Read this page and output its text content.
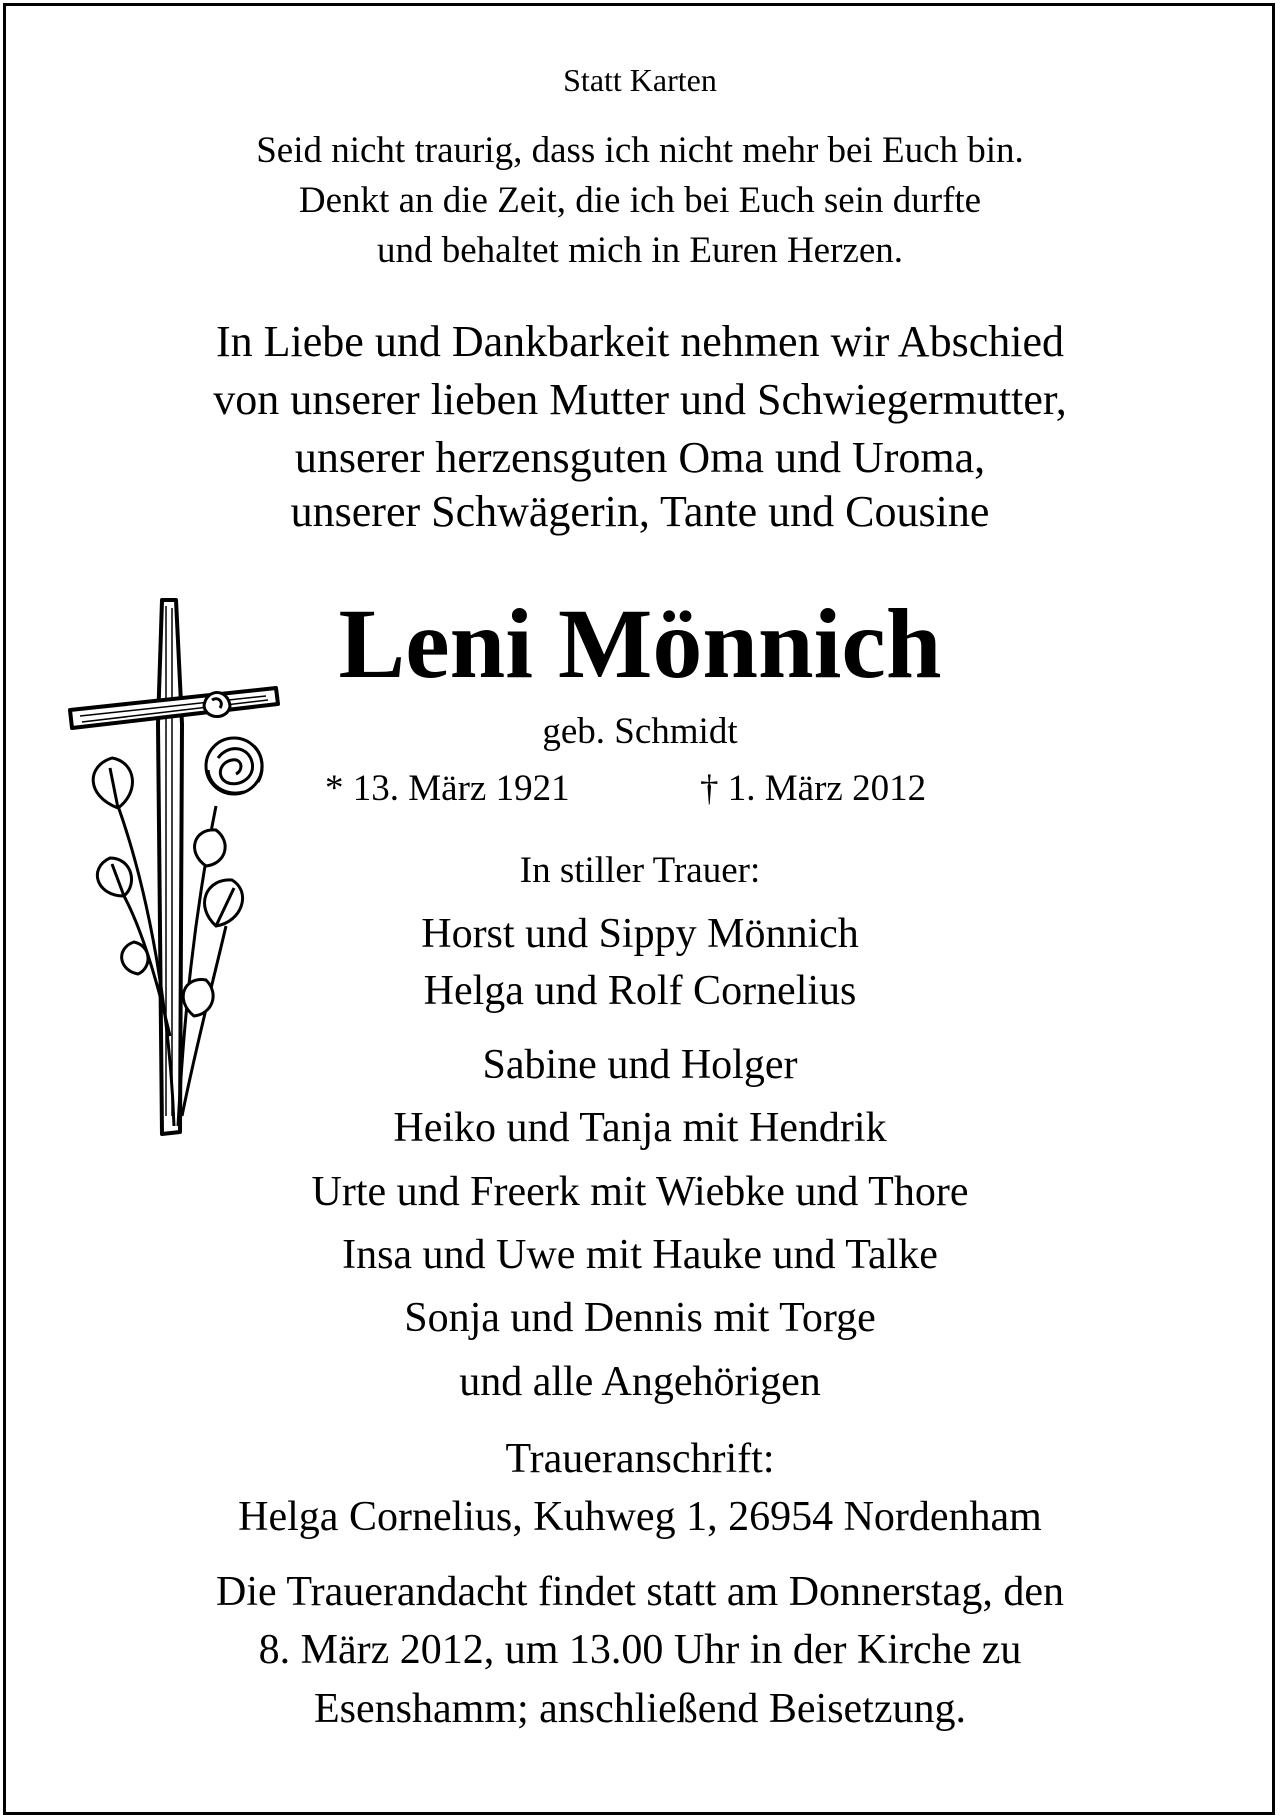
Statt Karten
Seid nicht traurig, dass ich nicht mehr bei Euch bin.
Denkt an die Zeit, die ich bei Euch sein durfte
und behaltet mich in Euren Herzen.
In Liebe und Dankbarkeit nehmen wir Abschied
von unserer lieben Mutter und Schwiegermutter,
unserer herzensguten Oma und Uroma,
unserer Schwägerin, Tante und Cousine
Leni Mönnich
geb. Schmidt
* 13. März 1921	† 1. März 2012
In stiller Trauer:
Horst und Sippy Mönnich
Helga und Rolf Cornelius
Sabine und Holger
Heiko und Tanja mit Hendrik
Urte und Freerk mit Wiebke und Thore
Insa und Uwe mit Hauke und Talke
Sonja und Dennis mit Torge
und alle Angehörigen
Traueranschrift:
Helga Cornelius, Kuhweg 1, 26954 Nordenham
Die Trauerandacht findet statt am Donnerstag, den
8. März 2012, um 13.00 Uhr in der Kirche zu
Esenshamm; anschließend Beisetzung.
